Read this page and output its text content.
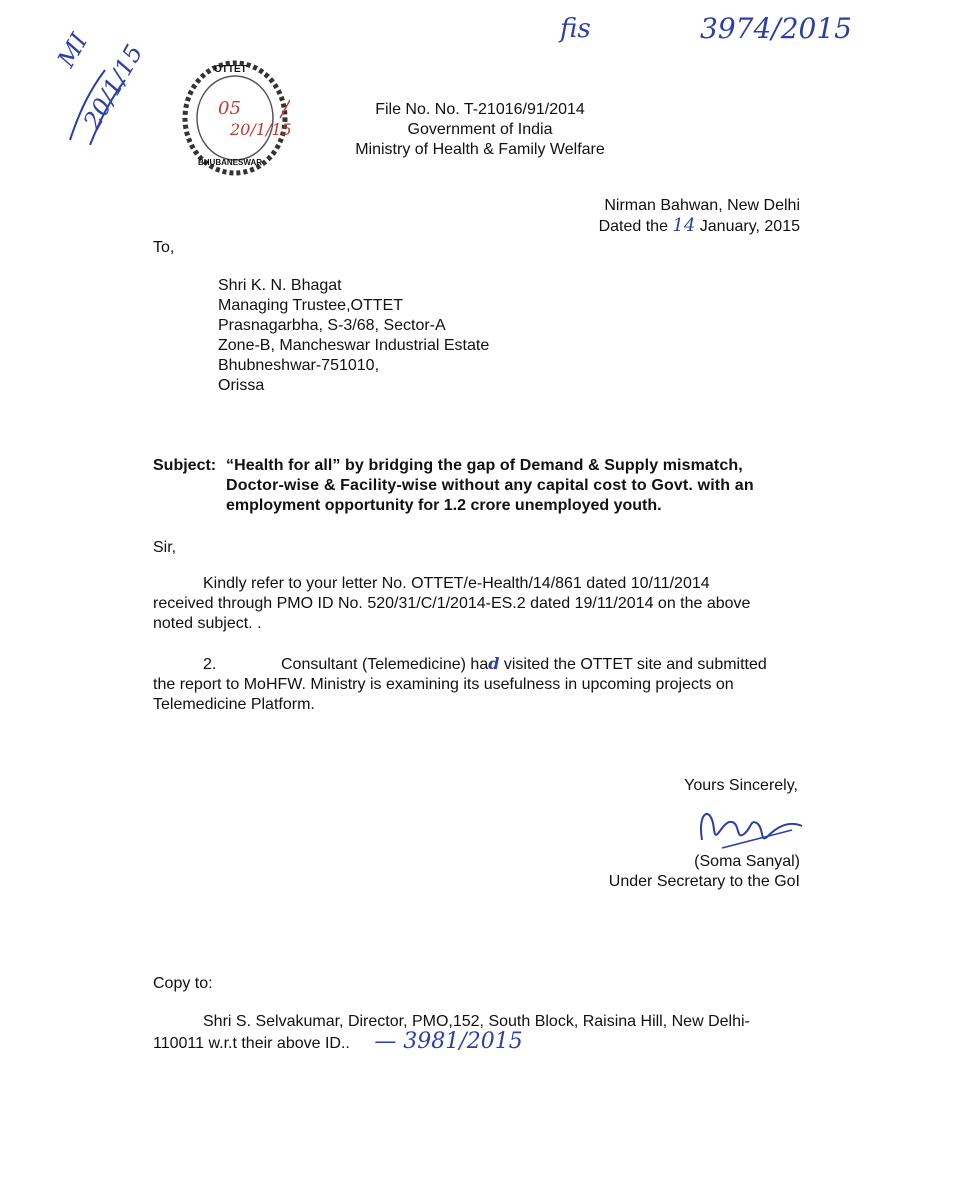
fis	3974/2015
MI
20/1/15	OTTET
BHUBANESWAR
05
20/1/15
File No. No. T-21016/91/2014
Government of India
Ministry of Health & Family Welfare
Nirman Bahwan, New Delhi
Dated the 14 January, 2015
To,
Shri K. N. Bhagat
Managing Trustee,OTTET
Prasnagarbha, S-3/68, Sector-A
Zone-B, Mancheswar Industrial Estate
Bhubneshwar-751010,
Orissa
Subject: “Health for all” by bridging the gap of Demand & Supply mismatch,
Doctor-wise & Facility-wise without any capital cost to Govt. with an
employment opportunity for 1.2 crore unemployed youth.
Sir,
Kindly refer to your letter No. OTTET/e-Health/14/861 dated 10/11/2014
received through PMO ID No. 520/31/C/1/2014-ES.2 dated 19/11/2014 on the above
noted subject. .
2.	Consultant (Telemedicine) had visited the OTTET site and submitted
the report to MoHFW. Ministry is examining its usefulness in upcoming projects on
Telemedicine Platform.
Yours Sincerely,
(Soma Sanyal)
Under Secretary to the GoI
Copy to:
Shri S. Selvakumar, Director, PMO,152, South Block, Raisina Hill, New Delhi-
110011 w.r.t their above ID.. — 3981/2015
